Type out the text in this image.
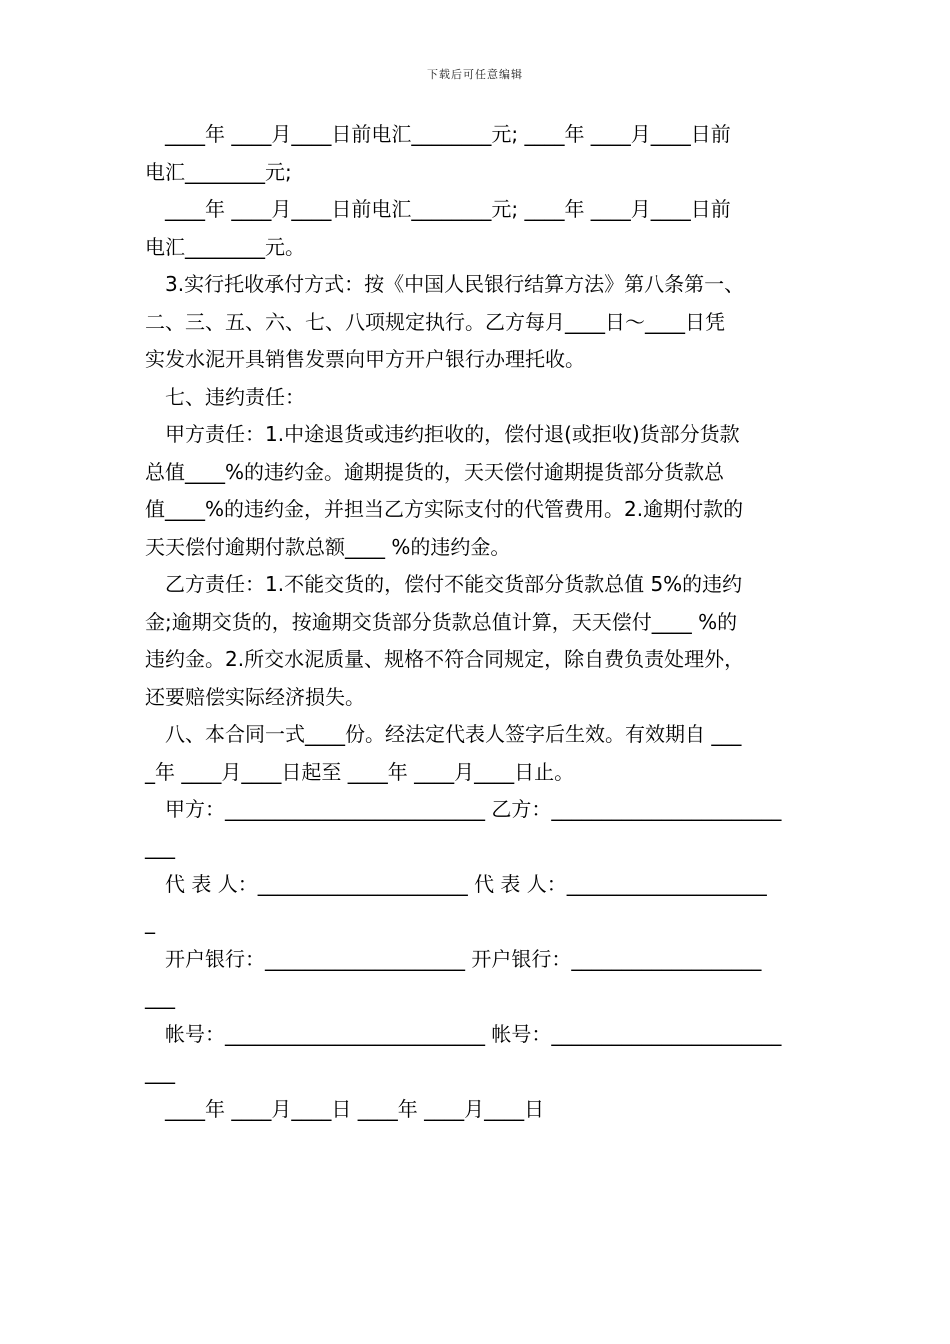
下载后可任意编辑

____年 ____月____日前电汇________元; ____年 ____月____日前

电汇________元;

____年 ____月____日前电汇________元; ____年 ____月____日前

电汇________元。

3.实行托收承付方式：按《中国人民银行结算方法》第八条第一、

二、三、五、六、七、八项规定执行。乙方每月____日～____日凭

实发水泥开具销售发票向甲方开户银行办理托收。

七、违约责任：

甲方责任：1.中途退货或违约拒收的，偿付退(或拒收)货部分货款

总值____%的违约金。逾期提货的，天天偿付逾期提货部分货款总

值____%的违约金，并担当乙方实际支付的代管费用。2.逾期付款的

天天偿付逾期付款总额____ %的违约金。

乙方责任：1.不能交货的，偿付不能交货部分货款总值 5%的违约

金;逾期交货的，按逾期交货部分货款总值计算，天天偿付____ %的

违约金。2.所交水泥质量、规格不符合同规定，除自费负责处理外，

还要赔偿实际经济损失。

八、本合同一式____份。经法定代表人签字后生效。有效期自 ___

_年 ____月____日起至 ____年 ____月____日止。

甲方：__________________________ 乙方：_______________________

___

代 表 人：_____________________ 代 表 人：____________________

_

开户银行：____________________ 开户银行：___________________

___

帐号：__________________________ 帐号：_______________________

___

____年 ____月____日 ____年 ____月____日
